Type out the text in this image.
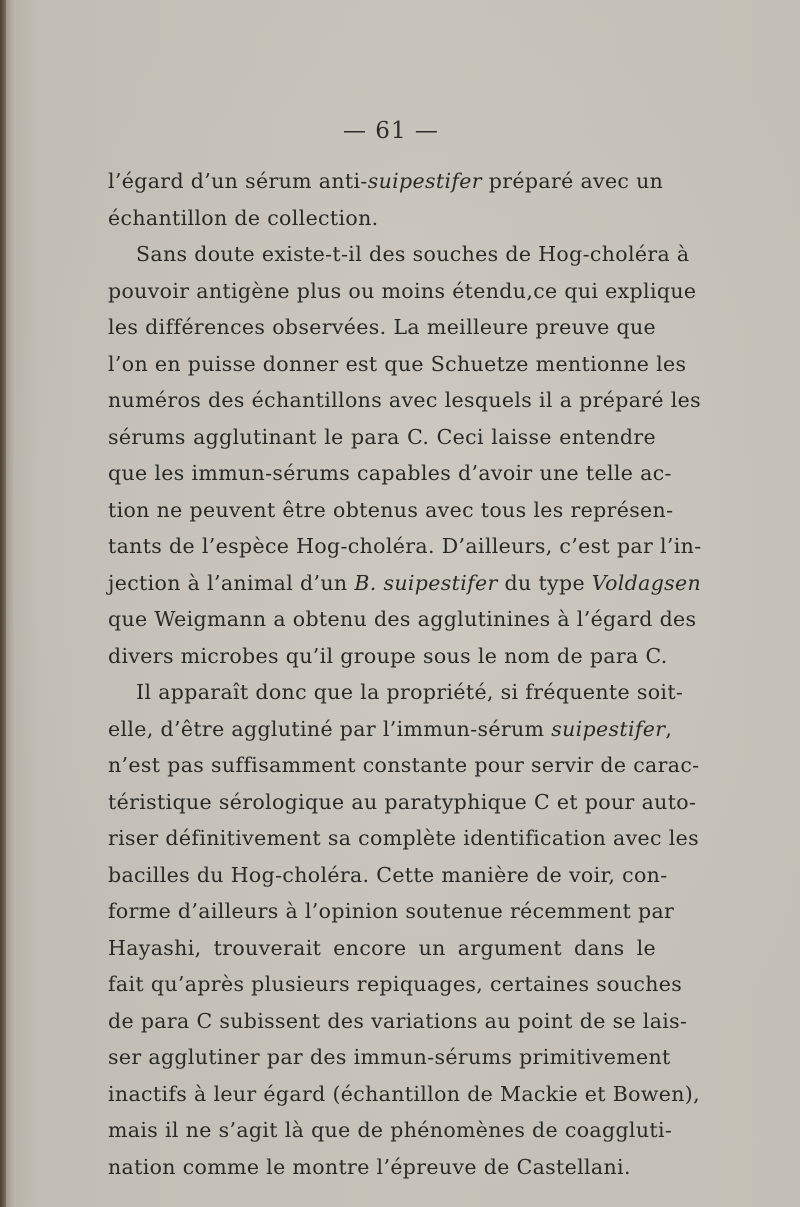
— 61 —
l’égard d’un sérum anti-suipestifer préparé avec un
échantillon de collection.
Sans doute existe-t-il des souches de Hog-choléra à
pouvoir antigène plus ou moins étendu,ce qui explique
les différences observées. La meilleure preuve que
l’on en puisse donner est que Schuetze mentionne les
numéros des échantillons avec lesquels il a préparé les
sérums agglutinant le para C. Ceci laisse entendre
que les immun-sérums capables d’avoir une telle ac-
tion ne peuvent être obtenus avec tous les représen-
tants de l’espèce Hog-choléra. D’ailleurs, c’est par l’in-
jection à l’animal d’un B. suipestifer du type Voldagsen
que Weigmann a obtenu des agglutinines à l’égard des
divers microbes qu’il groupe sous le nom de para C.
Il apparaît donc que la propriété, si fréquente soit-
elle, d’être agglutiné par l’immun-sérum suipestifer,
n’est pas suffisamment constante pour servir de carac-
téristique sérologique au paratyphique C et pour auto-
riser définitivement sa complète identification avec les
bacilles du Hog-choléra. Cette manière de voir, con-
forme d’ailleurs à l’opinion soutenue récemment par
Hayashi, trouverait encore un argument dans le
fait qu’après plusieurs repiquages, certaines souches
de para C subissent des variations au point de se lais-
ser agglutiner par des immun-sérums primitivement
inactifs à leur égard (échantillon de Mackie et Bowen),
mais il ne s’agit là que de phénomènes de coaggluti-
nation comme le montre l’épreuve de Castellani.
